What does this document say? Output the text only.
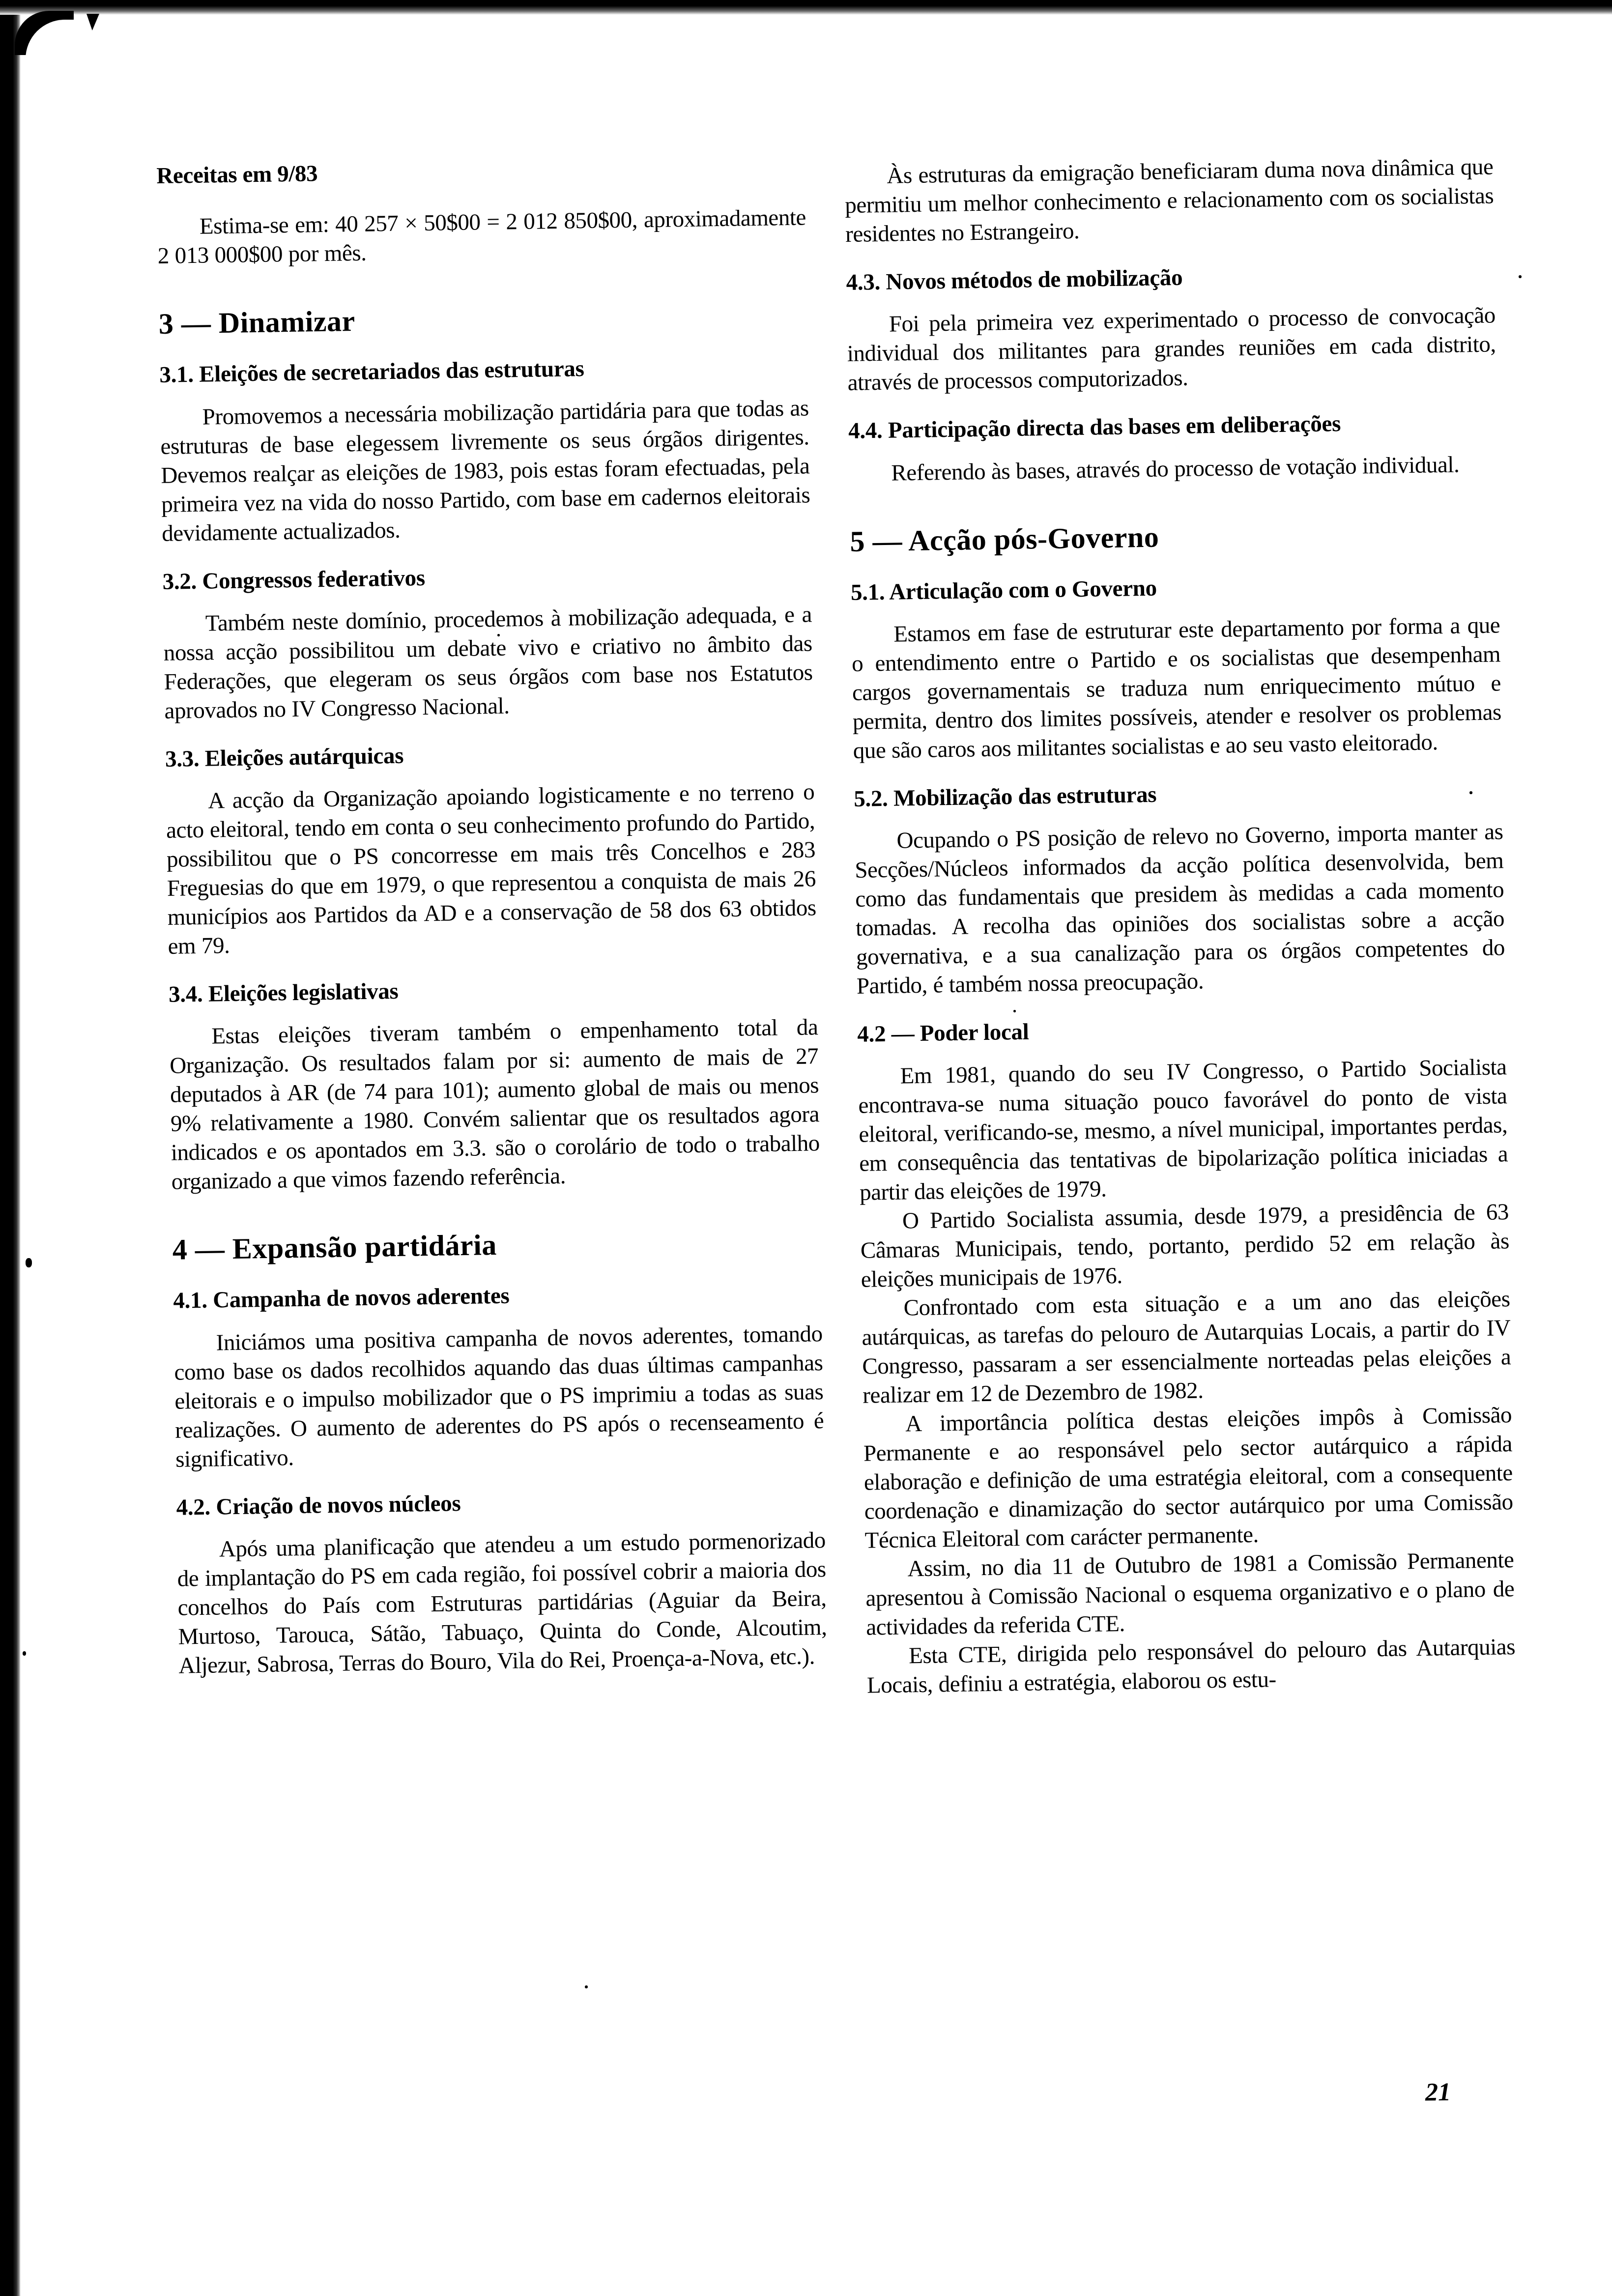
Receitas em 9/83

Estima-se em: 40 257 × 50$00 = 2 012 850$00, aproximadamente 2 013 000$00 por mês.

3 — Dinamizar
3.1. Eleições de secretariados das estruturas

Promovemos a necessária mobilização partidária para que todas as estruturas de base elegessem livremente os seus órgãos dirigentes. Devemos realçar as eleições de 1983, pois estas foram efectuadas, pela primeira vez na vida do nosso Partido, com base em cadernos eleitorais devidamente actualizados.

3.2. Congressos federativos

Também neste domínio, procedemos à mobilização adequada, e a nossa acção possibilitou um debate vivo e criativo no âmbito das Federações, que elegeram os seus órgãos com base nos Estatutos aprovados no IV Congresso Nacional.

3.3. Eleições autárquicas

A acção da Organização apoiando logisticamente e no terreno o acto eleitoral, tendo em conta o seu conhecimento profundo do Partido, possibilitou que o PS concorresse em mais três Concelhos e 283 Freguesias do que em 1979, o que representou a conquista de mais 26 municípios aos Partidos da AD e a conservação de 58 dos 63 obtidos em 79.

3.4. Eleições legislativas

Estas eleições tiveram também o empenhamento total da Organização. Os resultados falam por si: aumento de mais de 27 deputados à AR (de 74 para 101); aumento global de mais ou menos 9% relativamente a 1980. Convém salientar que os resultados agora indicados e os apontados em 3.3. são o corolário de todo o trabalho organizado a que vimos fazendo referência.

4 — Expansão partidária
4.1. Campanha de novos aderentes

Iniciámos uma positiva campanha de novos aderentes, tomando como base os dados recolhidos aquando das duas últimas campanhas eleitorais e o impulso mobilizador que o PS imprimiu a todas as suas realizações. O aumento de aderentes do PS após o recenseamento é significativo.

4.2. Criação de novos núcleos

Após uma planificação que atendeu a um estudo pormenorizado de implantação do PS em cada região, foi possível cobrir a maioria dos concelhos do País com Estruturas partidárias (Aguiar da Beira, Murtoso, Tarouca, Sátão, Tabuaço, Quinta do Conde, Alcoutim, Aljezur, Sabrosa, Terras do Bouro, Vila do Rei, Proença-a-Nova, etc.).

Às estruturas da emigração beneficiaram duma nova dinâmica que permitiu um melhor conhecimento e relacionamento com os socialistas residentes no Estrangeiro.

4.3. Novos métodos de mobilização

Foi pela primeira vez experimentado o processo de convocação individual dos militantes para grandes reuniões em cada distrito, através de processos computorizados.

4.4. Participação directa das bases em deliberações

Referendo às bases, através do processo de votação individual.

5 — Acção pós-Governo
5.1. Articulação com o Governo

Estamos em fase de estruturar este departamento por forma a que o entendimento entre o Partido e os socialistas que desempenham cargos governamentais se traduza num enriquecimento mútuo e permita, dentro dos limites possíveis, atender e resolver os problemas que são caros aos militantes socialistas e ao seu vasto eleitorado.

5.2. Mobilização das estruturas

Ocupando o PS posição de relevo no Governo, importa manter as Secções/Núcleos informados da acção política desenvolvida, bem como das fundamentais que presidem às medidas a cada momento tomadas. A recolha das opiniões dos socialistas sobre a acção governativa, e a sua canalização para os órgãos competentes do Partido, é também nossa preocupação.

4.2 — Poder local

Em 1981, quando do seu IV Congresso, o Partido Socialista encontrava-se numa situação pouco favorável do ponto de vista eleitoral, verificando-se, mesmo, a nível municipal, importantes perdas, em consequência das tentativas de bipolarização política iniciadas a partir das eleições de 1979.

O Partido Socialista assumia, desde 1979, a presidência de 63 Câmaras Municipais, tendo, portanto, perdido 52 em relação às eleições municipais de 1976.

Confrontado com esta situação e a um ano das eleições autárquicas, as tarefas do pelouro de Autarquias Locais, a partir do IV Congresso, passaram a ser essencialmente norteadas pelas eleições a realizar em 12 de Dezembro de 1982.

A importância política destas eleições impôs à Comissão Permanente e ao responsável pelo sector autárquico a rápida elaboração e definição de uma estratégia eleitoral, com a consequente coordenação e dinamização do sector autárquico por uma Comissão Técnica Eleitoral com carácter permanente.

Assim, no dia 11 de Outubro de 1981 a Comissão Permanente apresentou à Comissão Nacional o esquema organizativo e o plano de actividades da referida CTE.

Esta CTE, dirigida pelo responsável do pelouro das Autarquias Locais, definiu a estratégia, elaborou os estu-

21
